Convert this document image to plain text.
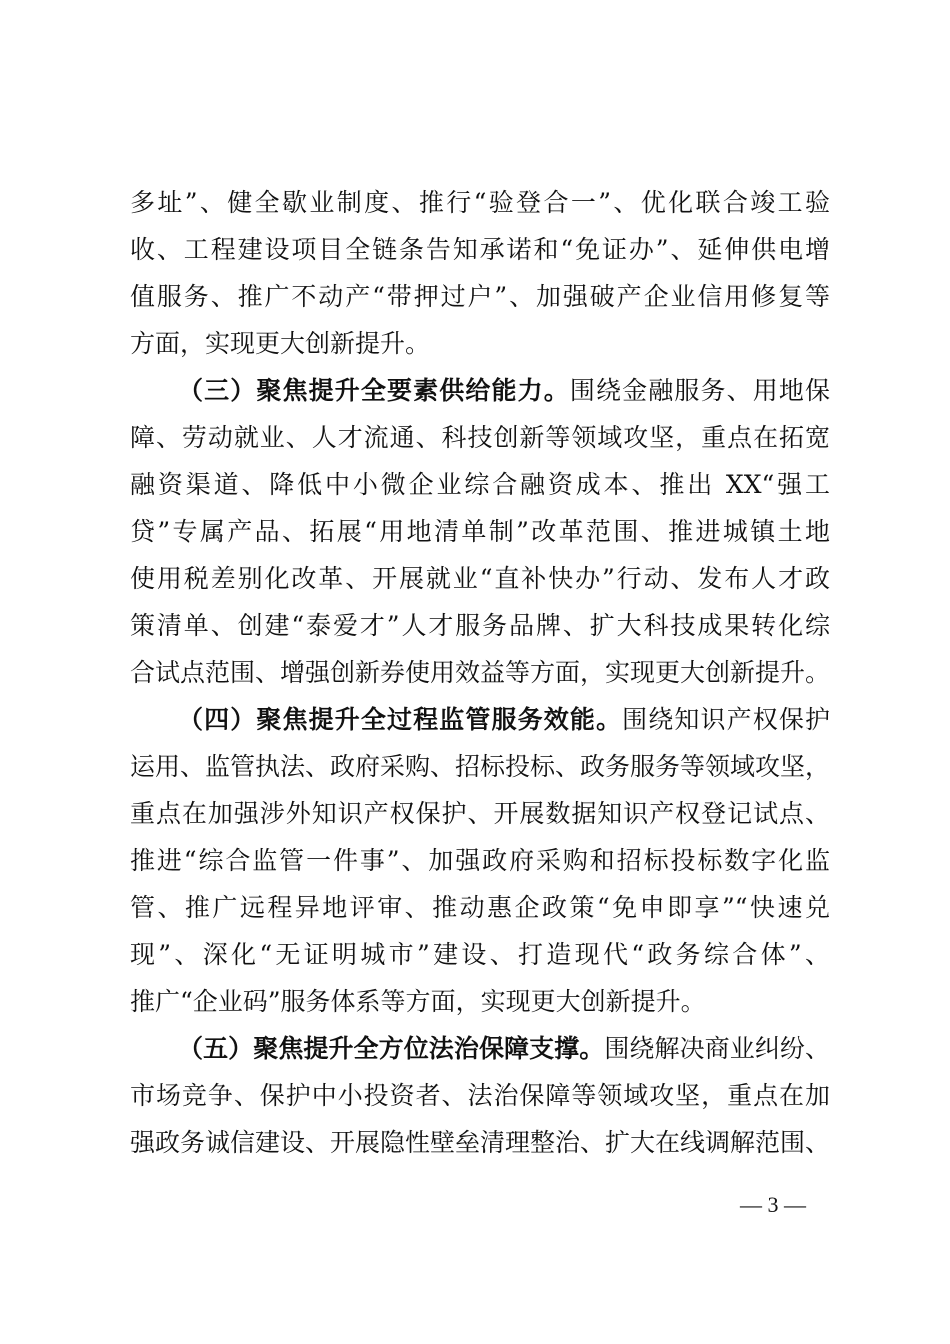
多址”、健全歇业制度、推行“验登合一”、优化联合竣工验
收、工程建设项目全链条告知承诺和“免证办”、延伸供电增
值服务、推广不动产“带押过户”、加强破产企业信用修复等
方面，实现更大创新提升。
（三）聚焦提升全要素供给能力。围绕金融服务、用地保
障、劳动就业、人才流通、科技创新等领域攻坚，重点在拓宽
融资渠道、降低中小微企业综合融资成本、推出 XX“强工
贷”专属产品、拓展“用地清单制”改革范围、推进城镇土地
使用税差别化改革、开展就业“直补快办”行动、发布人才政
策清单、创建“泰爱才”人才服务品牌、扩大科技成果转化综
合试点范围、增强创新券使用效益等方面，实现更大创新提升。
（四）聚焦提升全过程监管服务效能。围绕知识产权保护
运用、监管执法、政府采购、招标投标、政务服务等领域攻坚，
重点在加强涉外知识产权保护、开展数据知识产权登记试点、
推进“综合监管一件事”、加强政府采购和招标投标数字化监
管、推广远程异地评审、推动惠企政策“免申即享”“快速兑
现”、深化“无证明城市”建设、打造现代“政务综合体”、
推广“企业码”服务体系等方面，实现更大创新提升。
（五）聚焦提升全方位法治保障支撑。围绕解决商业纠纷、
市场竞争、保护中小投资者、法治保障等领域攻坚，重点在加
强政务诚信建设、开展隐性壁垒清理整治、扩大在线调解范围、
— 3 —
